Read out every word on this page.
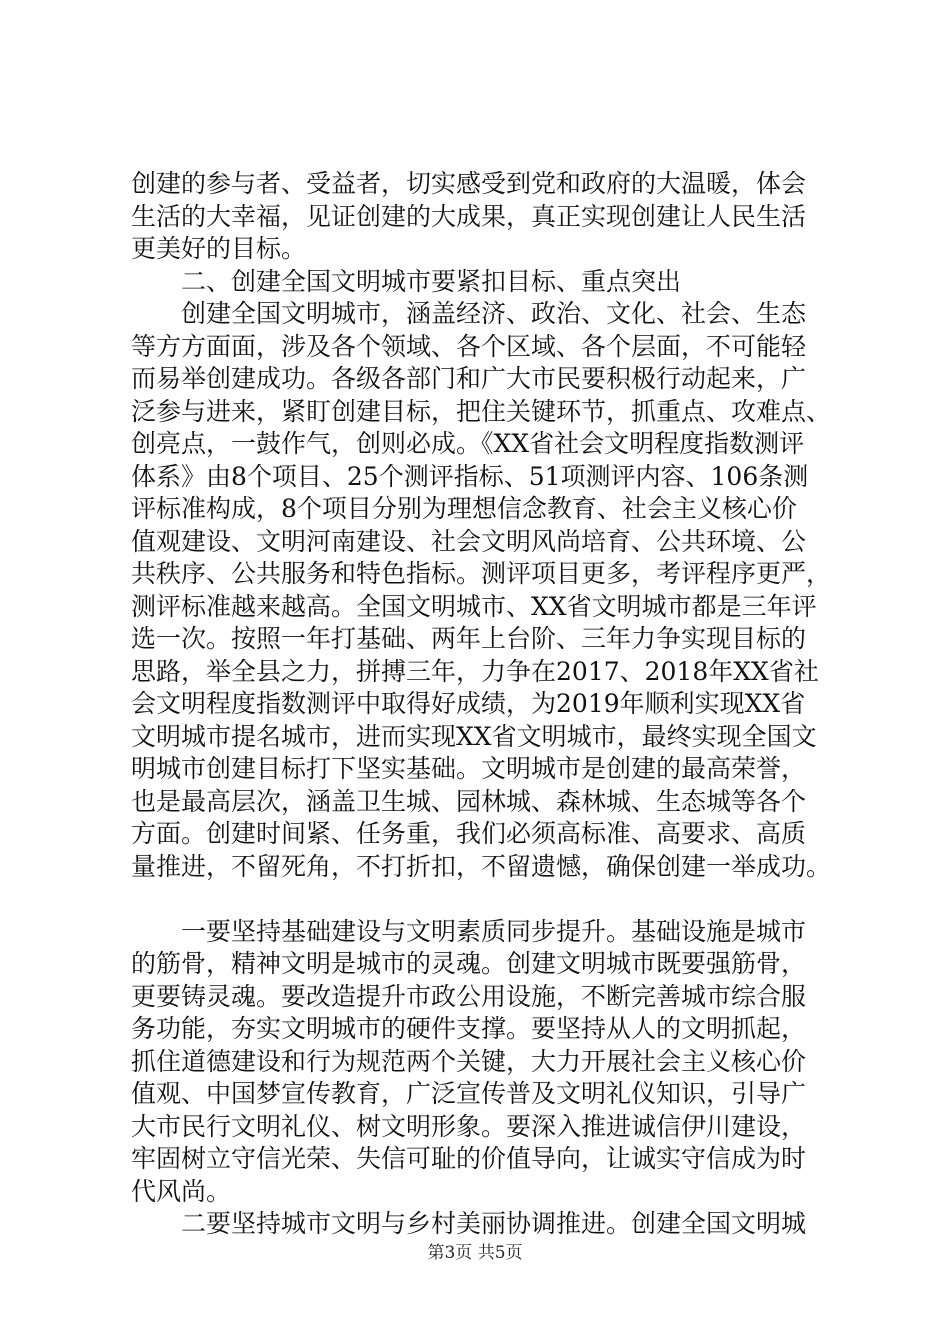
创建的参与者、受益者，切实感受到党和政府的大温暖，体会
生活的大幸福，见证创建的大成果，真正实现创建让人民生活
更美好的目标。
二、创建全国文明城市要紧扣目标、重点突出
创建全国文明城市，涵盖经济、政治、文化、社会、生态
等方方面面，涉及各个领域、各个区域、各个层面，不可能轻
而易举创建成功。各级各部门和广大市民要积极行动起来，广
泛参与进来，紧盯创建目标，把住关键环节，抓重点、攻难点、
创亮点，一鼓作气，创则必成。《XX省社会文明程度指数测评
体系》由8个项目、25个测评指标、51项测评内容、106条测
评标准构成，8个项目分别为理想信念教育、社会主义核心价
值观建设、文明河南建设、社会文明风尚培育、公共环境、公
共秩序、公共服务和特色指标。测评项目更多，考评程序更严，
测评标准越来越高。全国文明城市、XX省文明城市都是三年评
选一次。按照一年打基础、两年上台阶、三年力争实现目标的
思路，举全县之力，拼搏三年，力争在2017、2018年XX省社
会文明程度指数测评中取得好成绩，为2019年顺利实现XX省
文明城市提名城市，进而实现XX省文明城市，最终实现全国文
明城市创建目标打下坚实基础。文明城市是创建的最高荣誉，
也是最高层次，涵盖卫生城、园林城、森林城、生态城等各个
方面。创建时间紧、任务重，我们必须高标准、高要求、高质
量推进，不留死角，不打折扣，不留遗憾，确保创建一举成功。
一要坚持基础建设与文明素质同步提升。基础设施是城市
的筋骨，精神文明是城市的灵魂。创建文明城市既要强筋骨，
更要铸灵魂。要改造提升市政公用设施，不断完善城市综合服
务功能，夯实文明城市的硬件支撑。要坚持从人的文明抓起，
抓住道德建设和行为规范两个关键，大力开展社会主义核心价
值观、中国梦宣传教育，广泛宣传普及文明礼仪知识，引导广
大市民行文明礼仪、树文明形象。要深入推进诚信伊川建设，
牢固树立守信光荣、失信可耻的价值导向，让诚实守信成为时
代风尚。
二要坚持城市文明与乡村美丽协调推进。创建全国文明城
第3页 共5页
